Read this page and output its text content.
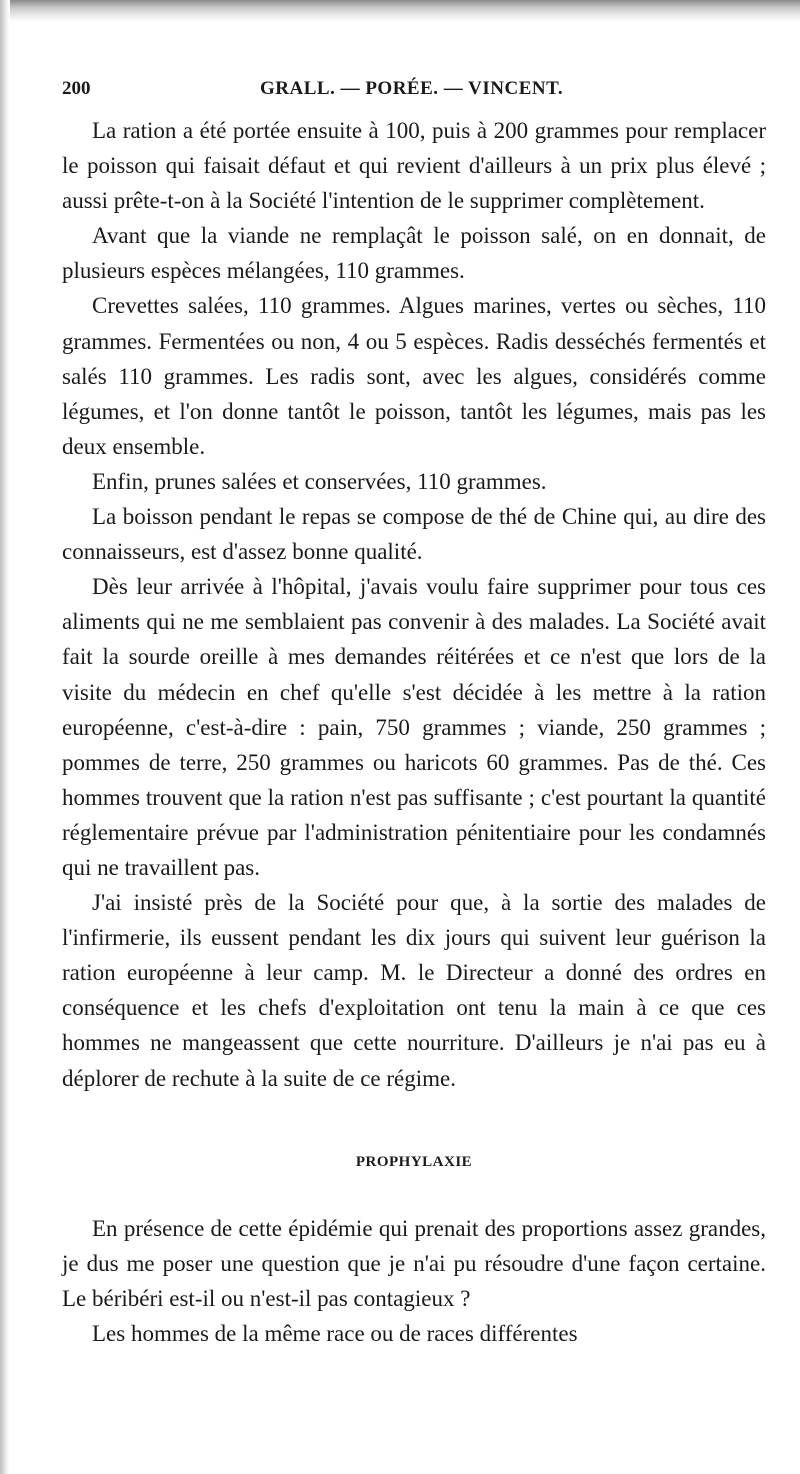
200	GRALL. — PORÉE. — VINCENT.

La ration a été portée ensuite à 100, puis à 200 grammes pour remplacer le poisson qui faisait défaut et qui revient d'ailleurs à un prix plus élevé ; aussi prête-t-on à la Société l'intention de le supprimer complètement.

Avant que la viande ne remplaçât le poisson salé, on en donnait, de plusieurs espèces mélangées, 110 grammes.

Crevettes salées, 110 grammes. Algues marines, vertes ou sèches, 110 grammes. Fermentées ou non, 4 ou 5 espèces. Radis desséchés fermentés et salés 110 grammes. Les radis sont, avec les algues, considérés comme légumes, et l'on donne tantôt le poisson, tantôt les légumes, mais pas les deux ensemble.

Enfin, prunes salées et conservées, 110 grammes.

La boisson pendant le repas se compose de thé de Chine qui, au dire des connaisseurs, est d'assez bonne qualité.

Dès leur arrivée à l'hôpital, j'avais voulu faire supprimer pour tous ces aliments qui ne me semblaient pas convenir à des malades. La Société avait fait la sourde oreille à mes demandes réitérées et ce n'est que lors de la visite du médecin en chef qu'elle s'est décidée à les mettre à la ration européenne, c'est-à-dire : pain, 750 grammes ; viande, 250 grammes ; pommes de terre, 250 grammes ou haricots 60 grammes. Pas de thé. Ces hommes trouvent que la ration n'est pas suffisante ; c'est pourtant la quantité réglementaire prévue par l'administration pénitentiaire pour les condamnés qui ne travaillent pas.

J'ai insisté près de la Société pour que, à la sortie des malades de l'infirmerie, ils eussent pendant les dix jours qui suivent leur guérison la ration européenne à leur camp. M. le Directeur a donné des ordres en conséquence et les chefs d'exploitation ont tenu la main à ce que ces hommes ne mangeassent que cette nourriture. D'ailleurs je n'ai pas eu à déplorer de rechute à la suite de ce régime.

PROPHYLAXIE

En présence de cette épidémie qui prenait des proportions assez grandes, je dus me poser une question que je n'ai pu résoudre d'une façon certaine. Le béribéri est-il ou n'est-il pas contagieux ?

Les hommes de la même race ou de races différentes
